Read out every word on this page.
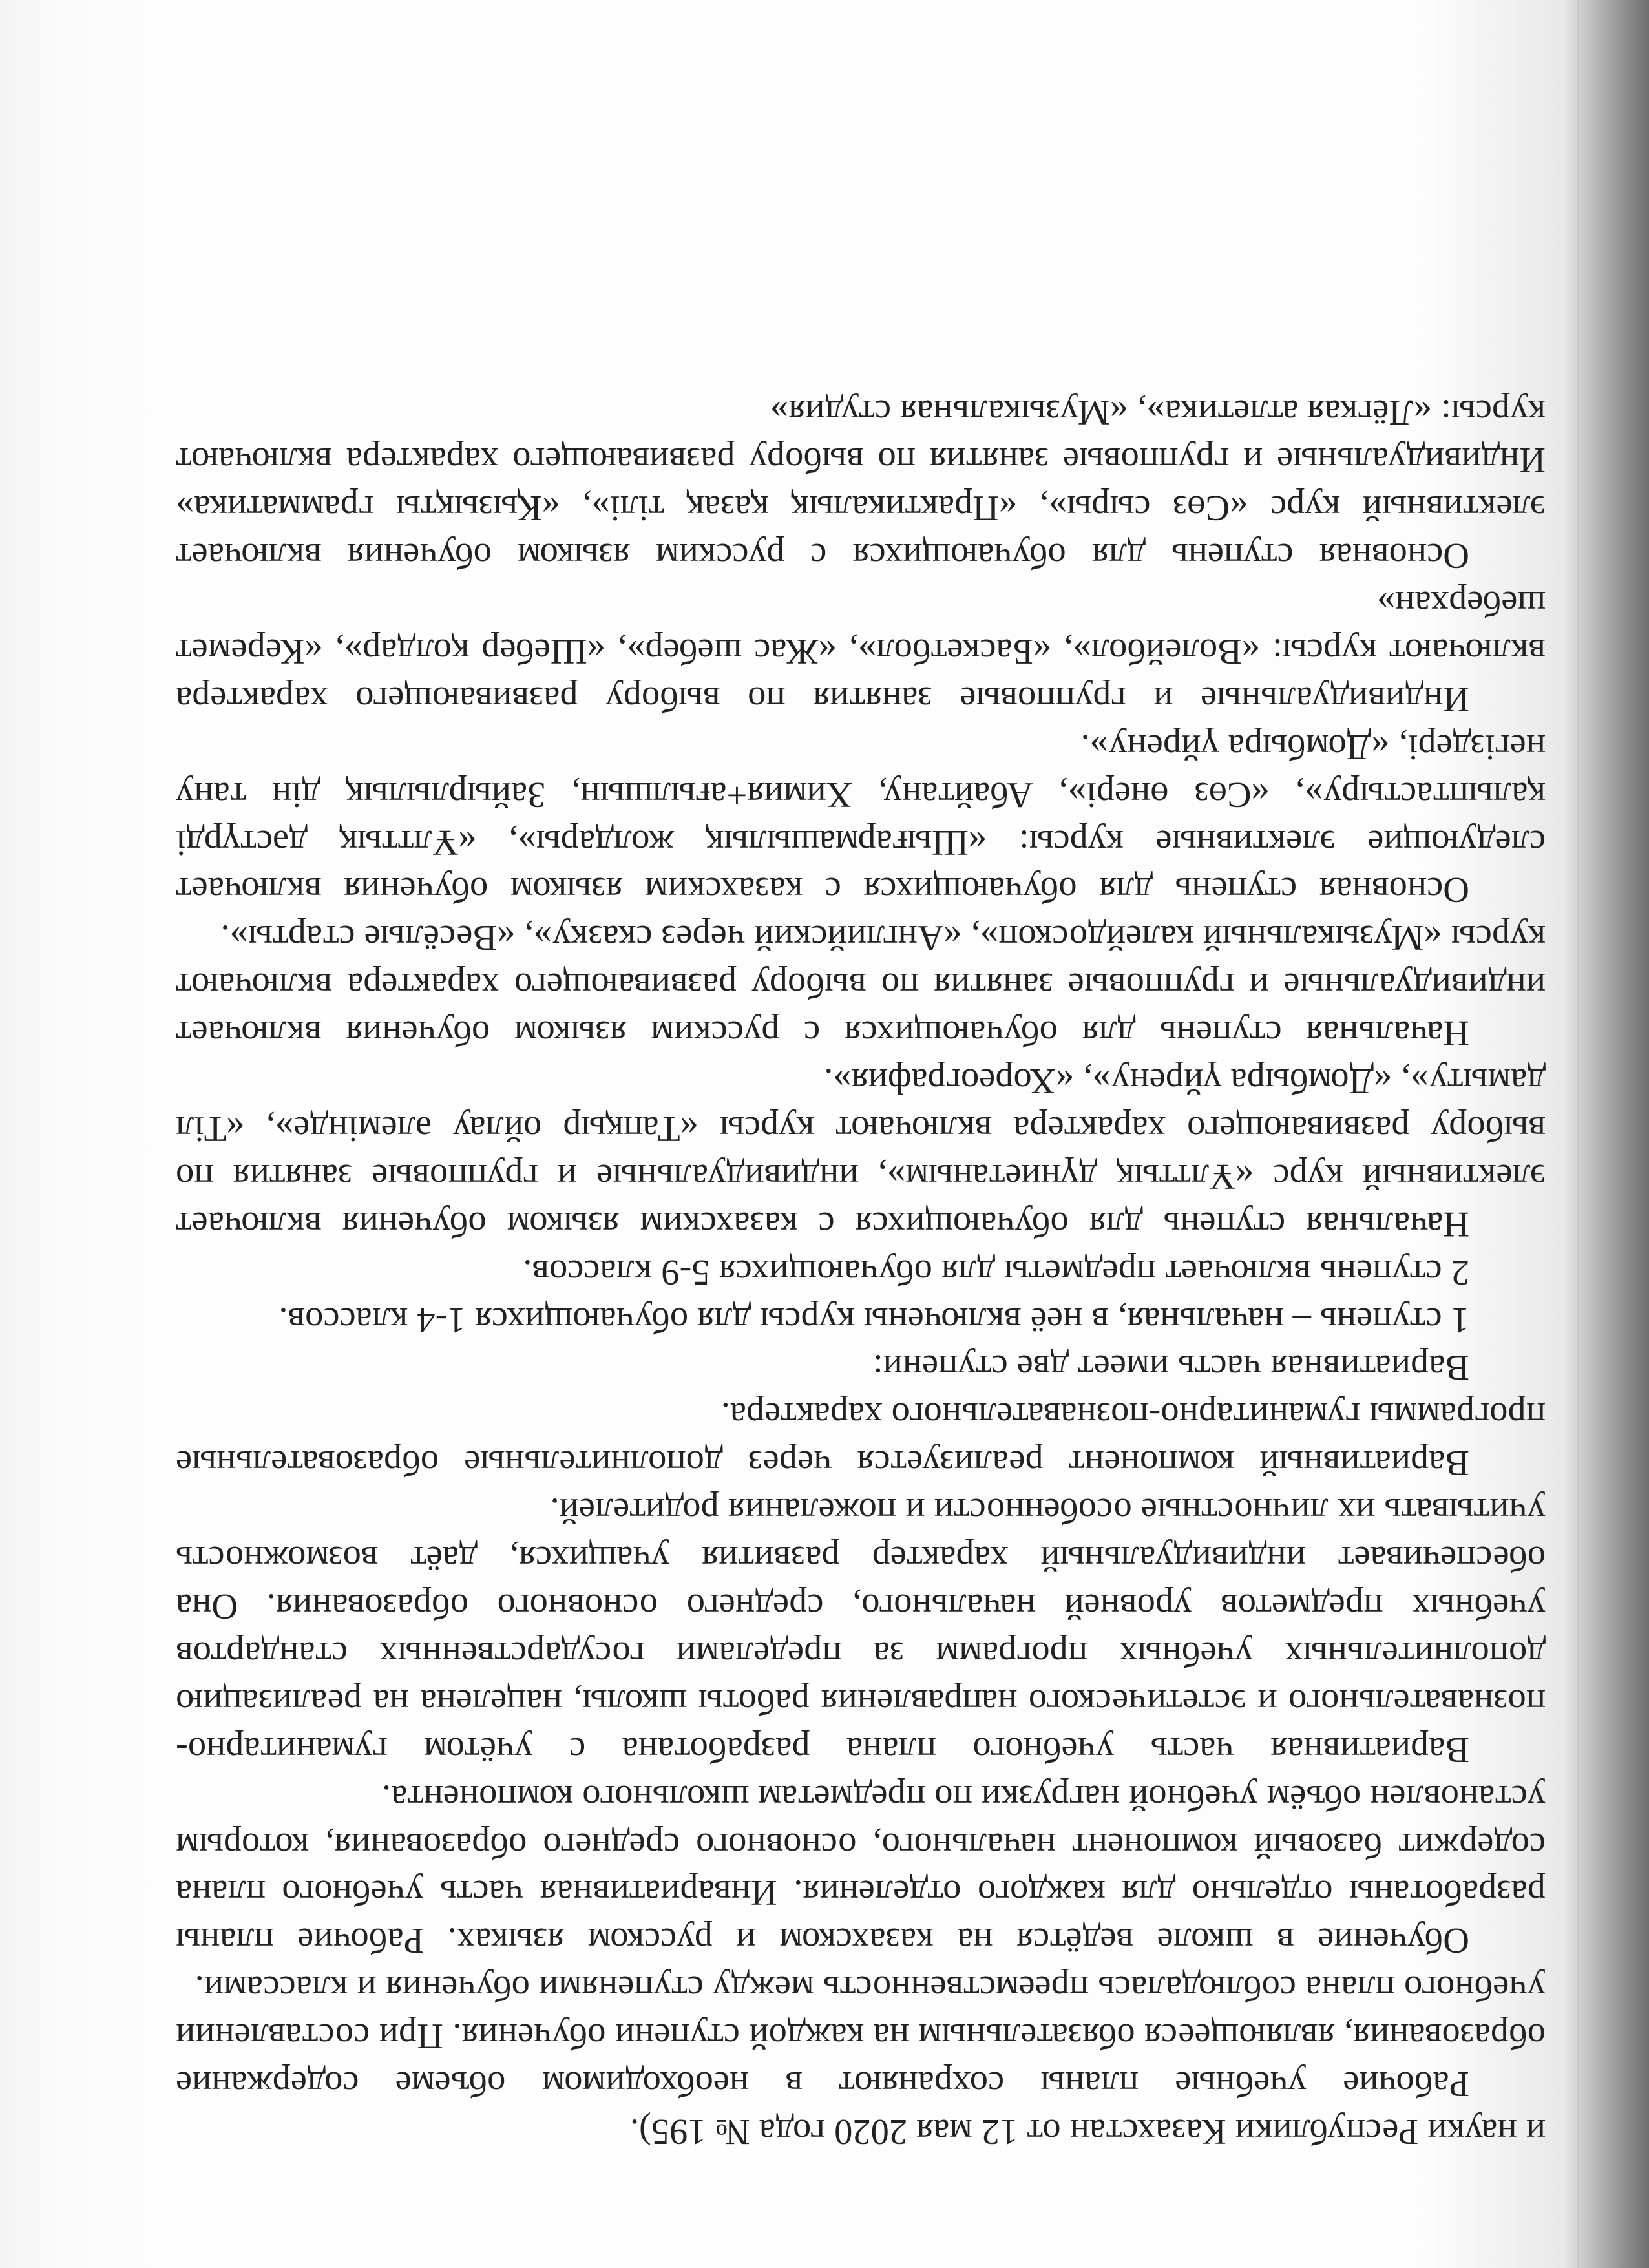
и науки Республики Казахстан от 12 мая 2020 года № 195).

Рабочие учебные планы сохраняют в необходимом объеме содержание образования, являющееся обязательным на каждой ступени обучения. При составлении учебного плана соблюдалась преемственность между ступенями обучения и классами.

Обучение в школе ведётся на казахском и русском языках. Рабочие планы разработаны отдельно для каждого отделения. Инвариативная часть учебного плана содержит базовый компонент начального, основного среднего образования, которым установлен объём учебной нагрузки по предметам школьного компонента.

Вариативная часть учебного плана разработана с учётом гуманитарно-познавательного и эстетического направления работы школы, нацелена на реализацию дополнительных учебных программ за пределами государственных стандартов учебных предметов уровней начального, среднего основного образования. Она обеспечивает индивидуальный характер развития учащихся, даёт возможность учитывать их личностные особенности и пожелания родителей.

Вариативный компонент реализуется через дополнительные образовательные программы гуманитарно-познавательного характера.

Вариативная часть имеет две ступени:

1 ступень – начальная, в неё включены курсы для обучающихся 1-4 классов.

2 ступень включает предметы для обучающихся 5-9 классов.

Начальная ступень для обучающихся с казахским языком обучения включает элективный курс «Ұлттық дүниетаным», индивидуальные и групповые занятия по выбору развивающего характера включают курсы «Тапқыр ойлау әлемінде», «Тіл дамыту», «Домбыра үйрену», «Хореография».

Начальная ступень для обучающихся с русским языком обучения включает индивидуальные и групповые занятия по выбору развивающего характера включают курсы «Музыкальный калейдоскоп», «Английский через сказку», «Весёлые старты».

Основная ступень для обучающихся с казахским языком обучения включает следующие элективные курсы: «Шығармашылық жолдары», «Ұлттық дәстүрді қалыптастыру», «Сөз өнері», Абайтану, Химия+ағылшын, Зайырлылық дін тану негіздері, «Домбыра үйрену».

Индивидуальные и групповые занятия по выбору развивающего характера включают курсы: «Волейбол», «Баскетбол», «Жас шебер», «Шебер қолдар», «Керемет шеберхан»

Основная ступень для обучающихся с русским языком обучения включает элективный курс «Сөз сыры», «Практикалық қазақ тілі», «Қызықты грамматика» Индивидуальные и групповые занятия по выбору развивающего характера включают курсы: «Лёгкая атлетика», «Музыкальная студия»
